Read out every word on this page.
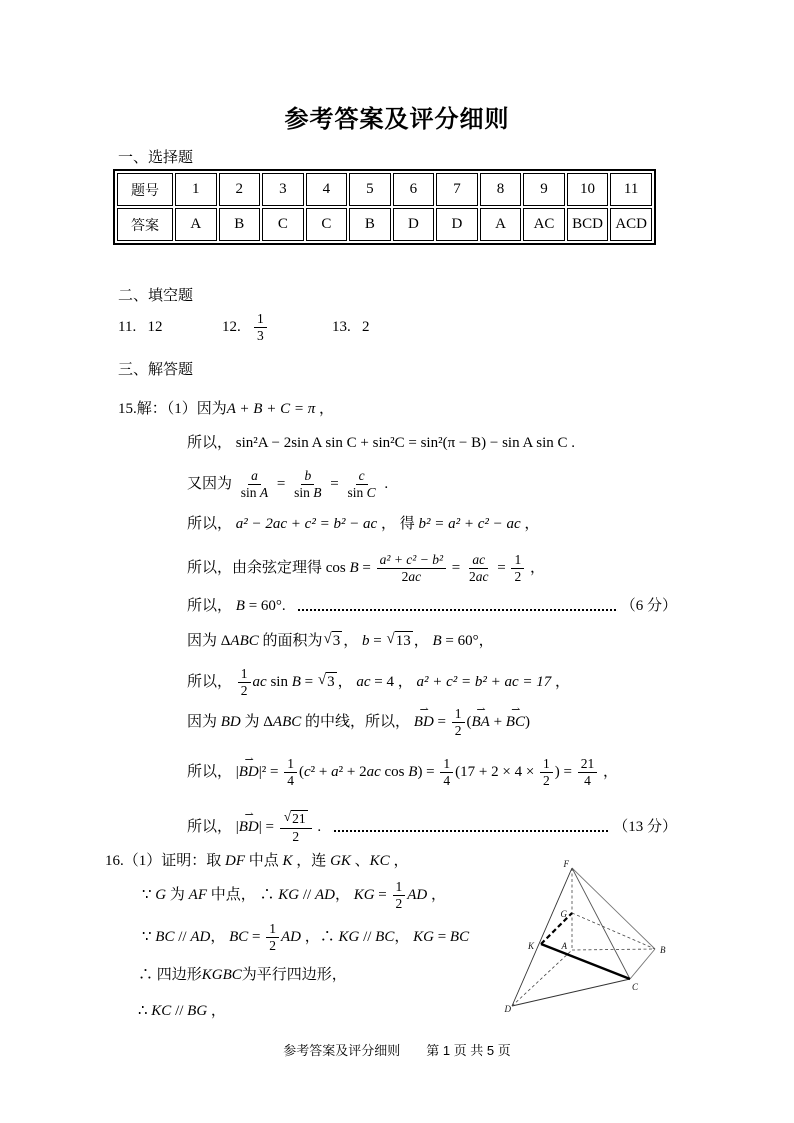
参考答案及评分细则
一、选择题
题号	1	2	3	4	5	6	7	8	9	10	11
答案	A	B	C	C	B	D	D	A	AC	BCD	ACD
二、填空题
11.   12	12. $\frac{1}{3}$	13.   2
三、解答题
15.解：（1）因为 A + B + C = π ，
所以， sin²A − 2sin A sin C + sin²C = sin²(π − B) − sin A sin C .
又因为 $\frac{a}{\text{sin A}} = \frac{b}{\text{sin B}} = \frac{c}{\text{sin C}}$ .
所以， a² − 2ac + c² = b² − ac ， 得 b² = a² + c² − ac ，
所以，由余弦定理得 $\cos B = \frac{\text{a² + c² − b²}}{2 ac} = \frac{ac}{2 ac} = \frac{1}{2}$ ，
所以， B = 60°.	（6 分）
因为 Δ ABC 的面积为 √ 3 ， b = √ 13 ， B = 60°，
所以， $\frac{1}{2}$ ac sin B = √ 3 ， ac = 4 ， a² + c² = b² + ac = 17 ，
因为 BD 为 Δ ABC 的中线，所以，
⇀
BD = $\frac{1}{2}$ (
⇀
BA +
⇀
BC )
所以， |
⇀
BD $|^2 = \frac{1}{4}$ ( c ² + a ² + 2 ac cos B ) = $\frac{1}{4} (17 + 2 \times 4 \times \frac{1}{2}$ ) = $\frac{21}{4}$ ，
所以， |
⇀
BD | = $\frac{√ 21}{2}$ .	（13 分）
16.（1）证明：取 DF 中点 K ，连 GK 、 KC ，
∵ G 为 AF 中点， ∴ KG // AD ， KG = $\frac{1}{2}$ AD ，
∵ BC // AD ， BC = $\frac{1}{2}$ AD ，∴ KG // BC ， KG = BC
∴ 四边形 KGBC 为平行四边形，
∴ KC // BG ，
F
G
K	A	B
C
D
参考答案及评分细则　　第 1 页 共 5 页
